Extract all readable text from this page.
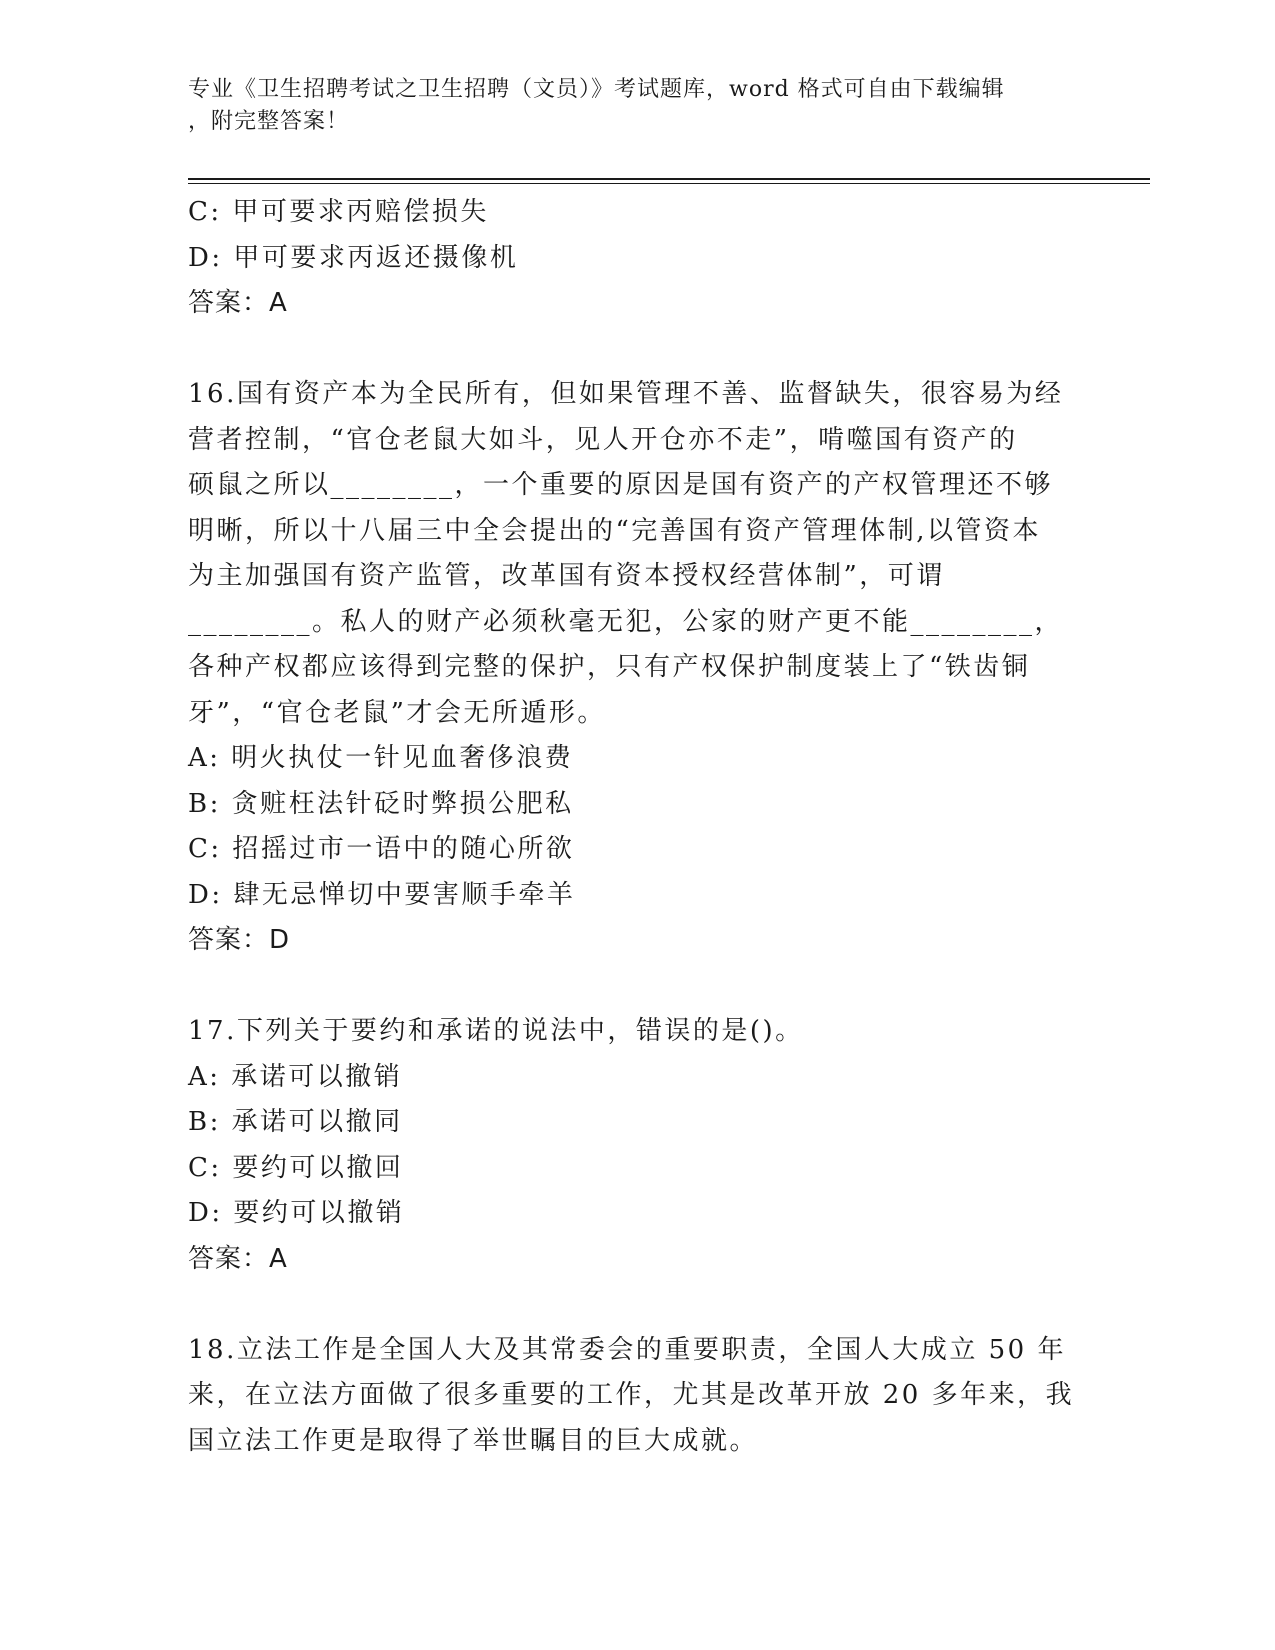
专业《卫生招聘考试之卫生招聘（文员）》考试题库，word 格式可自由下载编辑
，附完整答案！
C: 甲可要求丙赔偿损失
D: 甲可要求丙返还摄像机
答案：A
16.国有资产本为全民所有，但如果管理不善、监督缺失，很容易为经
营者控制，“官仓老鼠大如斗，见人开仓亦不走”，啃噬国有资产的
硕鼠之所以________，一个重要的原因是国有资产的产权管理还不够
明晰，所以十八届三中全会提出的“完善国有资产管理体制,以管资本
为主加强国有资产监管，改革国有资本授权经营体制”，可谓
________。私人的财产必须秋毫无犯，公家的财产更不能________，
各种产权都应该得到完整的保护，只有产权保护制度装上了“铁齿铜
牙”，“官仓老鼠”才会无所遁形。
A: 明火执仗一针见血奢侈浪费
B: 贪赃枉法针砭时弊损公肥私
C: 招摇过市一语中的随心所欲
D: 肆无忌惮切中要害顺手牵羊
答案：D
17.下列关于要约和承诺的说法中，错误的是()。
A: 承诺可以撤销
B: 承诺可以撤同
C: 要约可以撤回
D: 要约可以撤销
答案：A
18.立法工作是全国人大及其常委会的重要职责，全国人大成立 50 年
来，在立法方面做了很多重要的工作，尤其是改革开放 20 多年来，我
国立法工作更是取得了举世瞩目的巨大成就。
